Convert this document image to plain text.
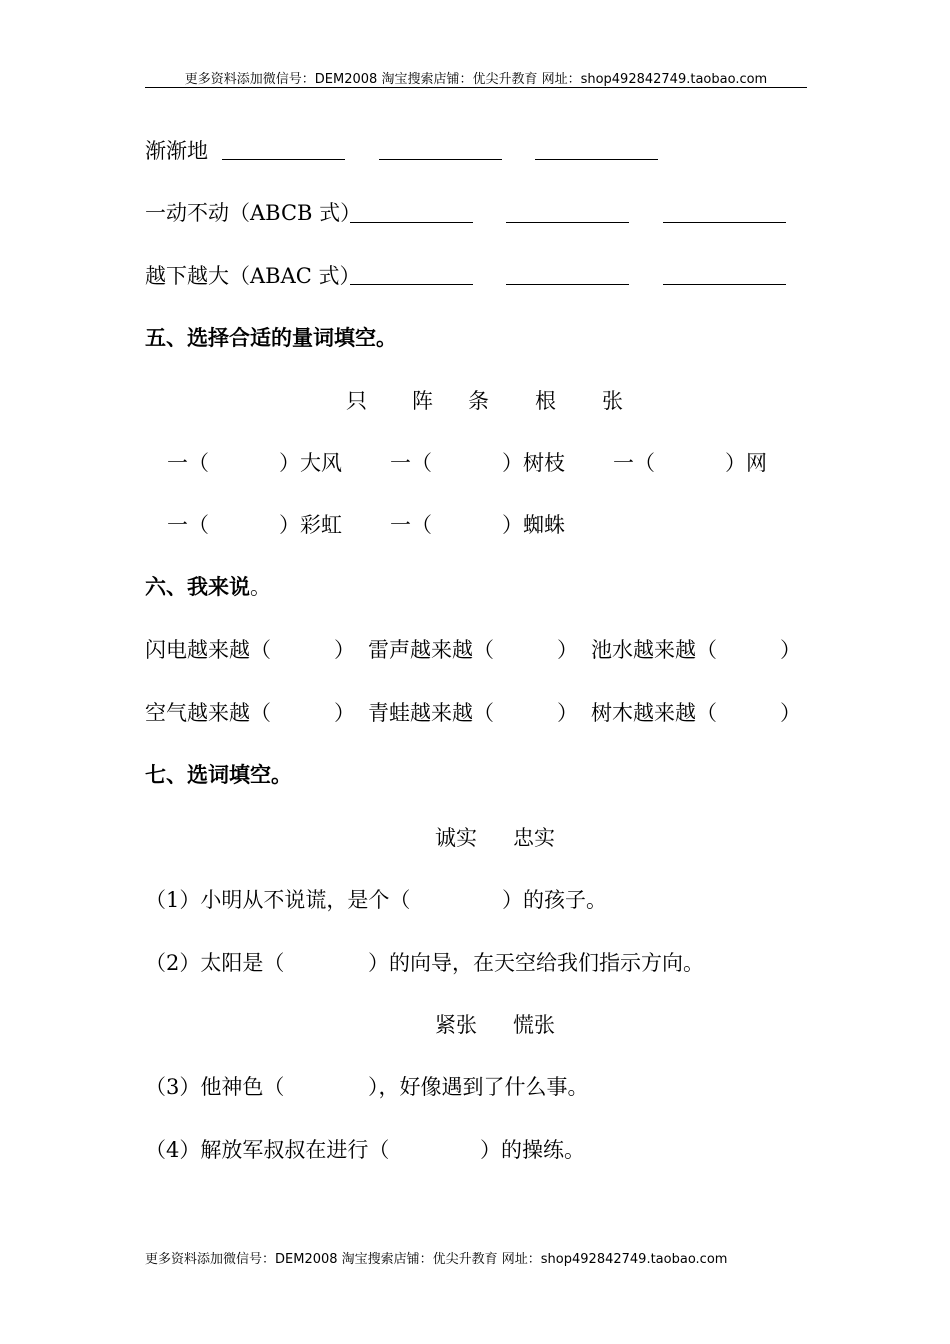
更多资料添加微信号：DEM2008 淘宝搜索店铺：优尖升教育 网址：shop492842749.taobao.com
渐渐地
一动不动（ABCB 式）
越下越大（ABAC 式）
五、选择合适的量词填空。
只 阵 条 根 张
一（	）大风 一（	）树枝 一（	）网
一（	）彩虹 一（	）蜘蛛
六、我来说。
闪电越来越（	） 雷声越来越（	） 池水越来越（	）
空气越来越（	） 青蛙越来越（	） 树木越来越（	）
七、选词填空。
诚实 忠实
（1）小明从不说谎，是个（	）的孩子。
（2）太阳是（	）的向导，在天空给我们指示方向。
紧张 慌张
（3）他神色（	），好像遇到了什么事。
（4）解放军叔叔在进行（	）的操练。
更多资料添加微信号：DEM2008 淘宝搜索店铺：优尖升教育 网址：shop492842749.taobao.com
